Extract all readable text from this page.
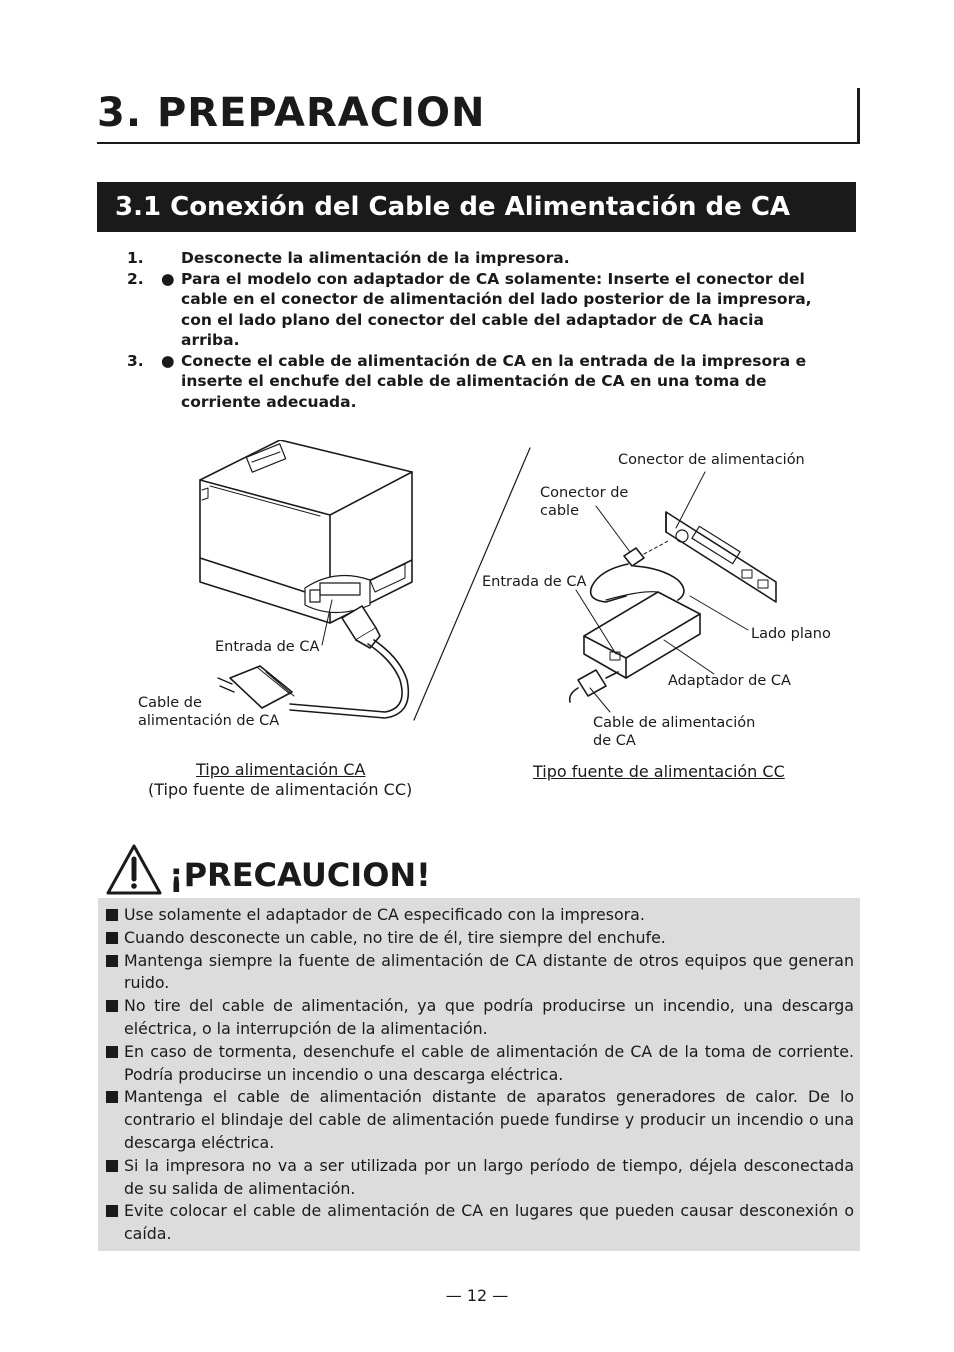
3. PREPARACION
3.1 Conexión del Cable de Alimentación de CA
1.	Desconecte la alimentación de la impresora.
2.	● Para el modelo con adaptador de CA solamente: Inserte el conector del cable en el conector de alimentación del lado posterior de la impresora, con el lado plano del conector del cable del adaptador de CA hacia arriba.
3.	● Conecte el cable de alimentación de CA en la entrada de la impresora e inserte el enchufe del cable de alimentación de CA en una toma de corriente adecuada.
Entrada de CA
Cable de
alimentación de CA
Tipo alimentación CA
(Tipo fuente de alimentación CC)
Conector de alimentación
Conector de
cable
Entrada de CA
Lado plano
Adaptador de CA
Cable de alimentación
de CA
Tipo fuente de alimentación CC
¡PRECAUCION!
Use solamente el adaptador de CA especificado con la impresora.
Cuando desconecte un cable, no tire de él, tire siempre del enchufe.
Mantenga siempre la fuente de alimentación de CA distante de otros equipos que generan ruido.
No tire del cable de alimentación, ya que podría producirse un incendio, una descarga eléctrica, o la interrupción de la alimentación.
En caso de tormenta, desenchufe el cable de alimentación de CA de la toma de corriente. Podría producirse un incendio o una descarga eléctrica.
Mantenga el cable de alimentación distante de aparatos generadores de calor. De lo contrario el blindaje del cable de alimentación puede fundirse y producir un incendio o una descarga eléctrica.
Si la impresora no va a ser utilizada por un largo período de tiempo, déjela desconectada de su salida de alimentación.
Evite colocar el cable de alimentación de CA en lugares que pueden causar desconexión o caída.
— 12 —
